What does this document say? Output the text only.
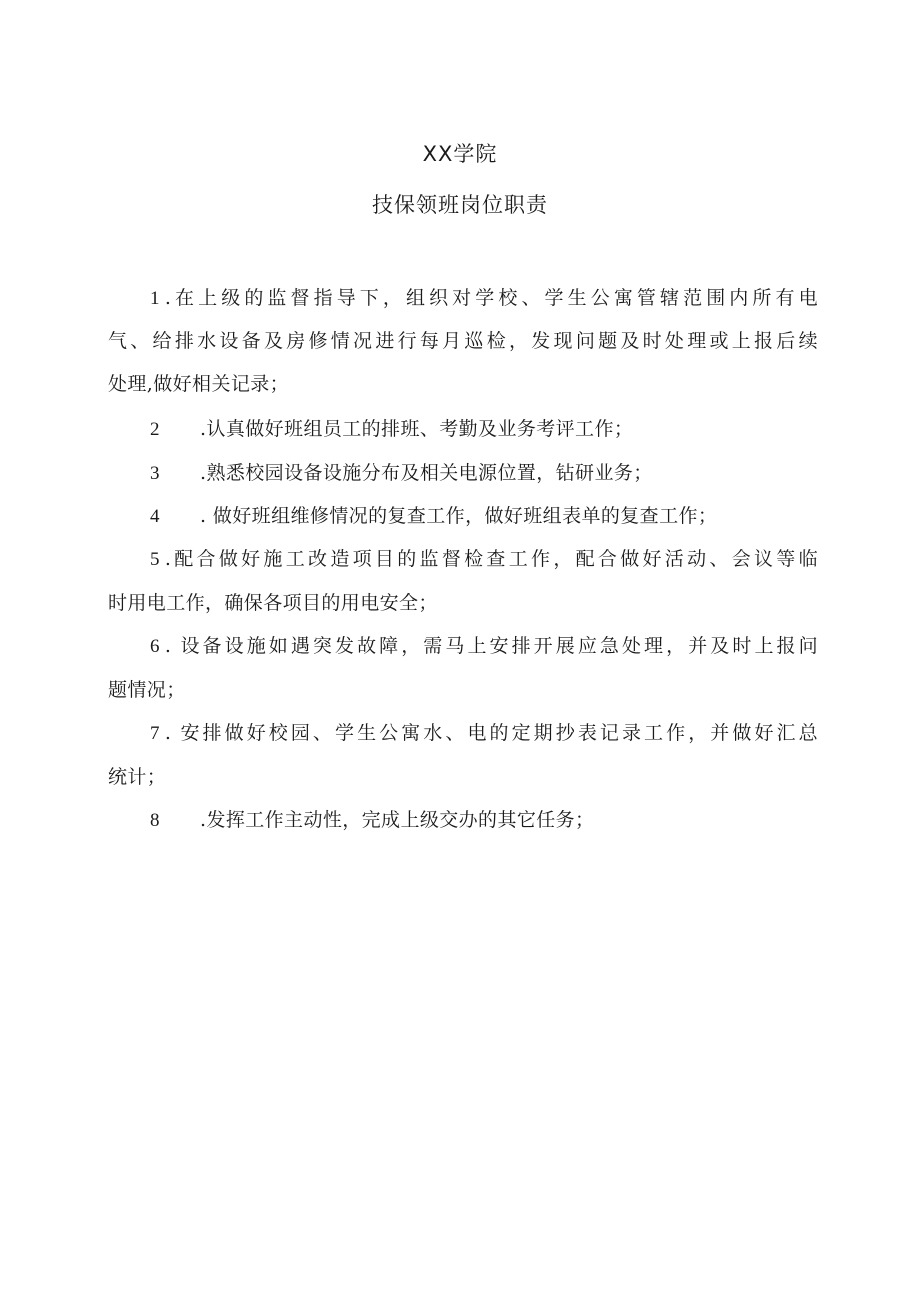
XX学院
技保领班岗位职责
1 .在上级的监督指导下，组织对学校、学生公寓管辖范围内所有电
气、给排水设备及房修情况进行每月巡检，发现问题及时处理或上报后续
处理,做好相关记录；
2 .认真做好班组员工的排班、考勤及业务考评工作；
3 .熟悉校园设备设施分布及相关电源位置，钻研业务；
4 . 做好班组维修情况的复查工作，做好班组表单的复查工作；
5 .配合做好施工改造项目的监督检查工作，配合做好活动、会议等临
时用电工作，确保各项目的用电安全；
6 . 设备设施如遇突发故障，需马上安排开展应急处理，并及时上报问
题情况；
7 . 安排做好校园、学生公寓水、电的定期抄表记录工作，并做好汇总
统计；
8 .发挥工作主动性，完成上级交办的其它任务；
